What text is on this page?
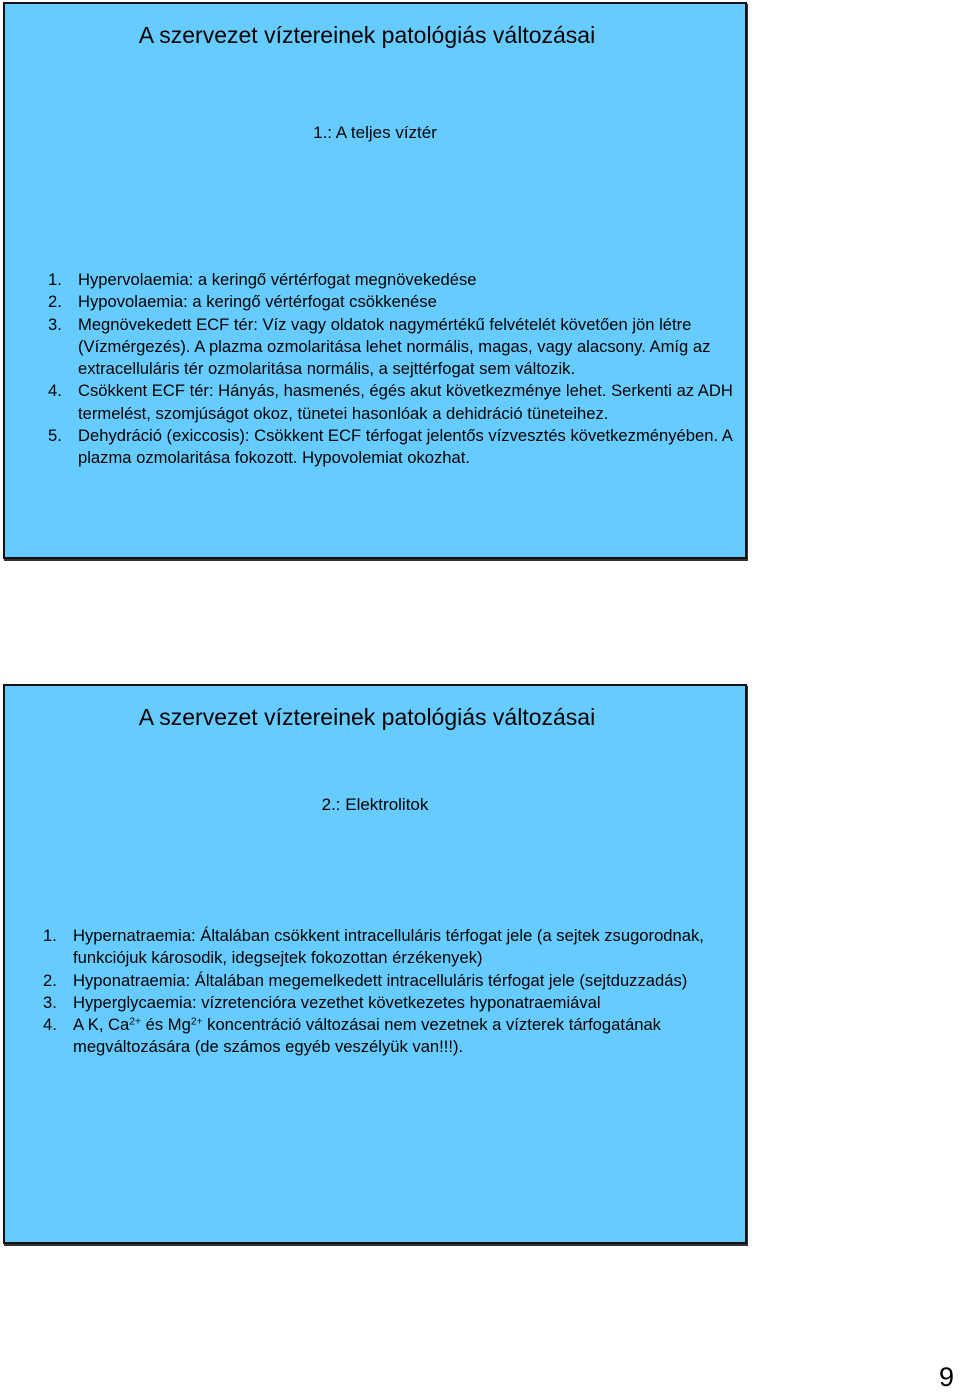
A szervezet víztereinek patológiás változásai
1.: A teljes víztér
1. Hypervolaemia: a keringő vértérfogat megnövekedése
2. Hypovolaemia: a keringő vértérfogat csökkenése
3. Megnövekedett ECF tér: Víz vagy oldatok nagymértékű felvételét követően jön létre (Vízmérgezés). A plazma ozmolaritása lehet normális, magas, vagy alacsony. Amíg az extracelluláris tér ozmolaritása normális, a sejttérfogat sem változik.
4. Csökkent ECF tér: Hányás, hasmenés, égés akut következménye lehet. Serkenti az ADH termelést, szomjúságot okoz, tünetei hasonlóak a dehidráció tüneteihez.
5. Dehydráció (exiccosis): Csökkent ECF térfogat jelentős vízvesztés következményében. A plazma ozmolaritása fokozott. Hypovolemiat okozhat.
A szervezet víztereinek patológiás változásai
2.: Elektrolitok
1. Hypernatraemia: Általában csökkent intracelluláris térfogat jele (a sejtek zsugorodnak, funkciójuk károsodik, idegsejtek fokozottan érzékenyek)
2. Hyponatraemia: Általában megemelkedett intracelluláris térfogat jele (sejtduzzadás)
3. Hyperglycaemia: vízretencióra vezethet következetes hyponatraemiával
4. A K, $Ca^{2+}$ és $Mg^{2+}$ koncentráció változásai nem vezetnek a vízterek tárfogatának megváltozására (de számos egyéb veszélyük van!!!).
9
